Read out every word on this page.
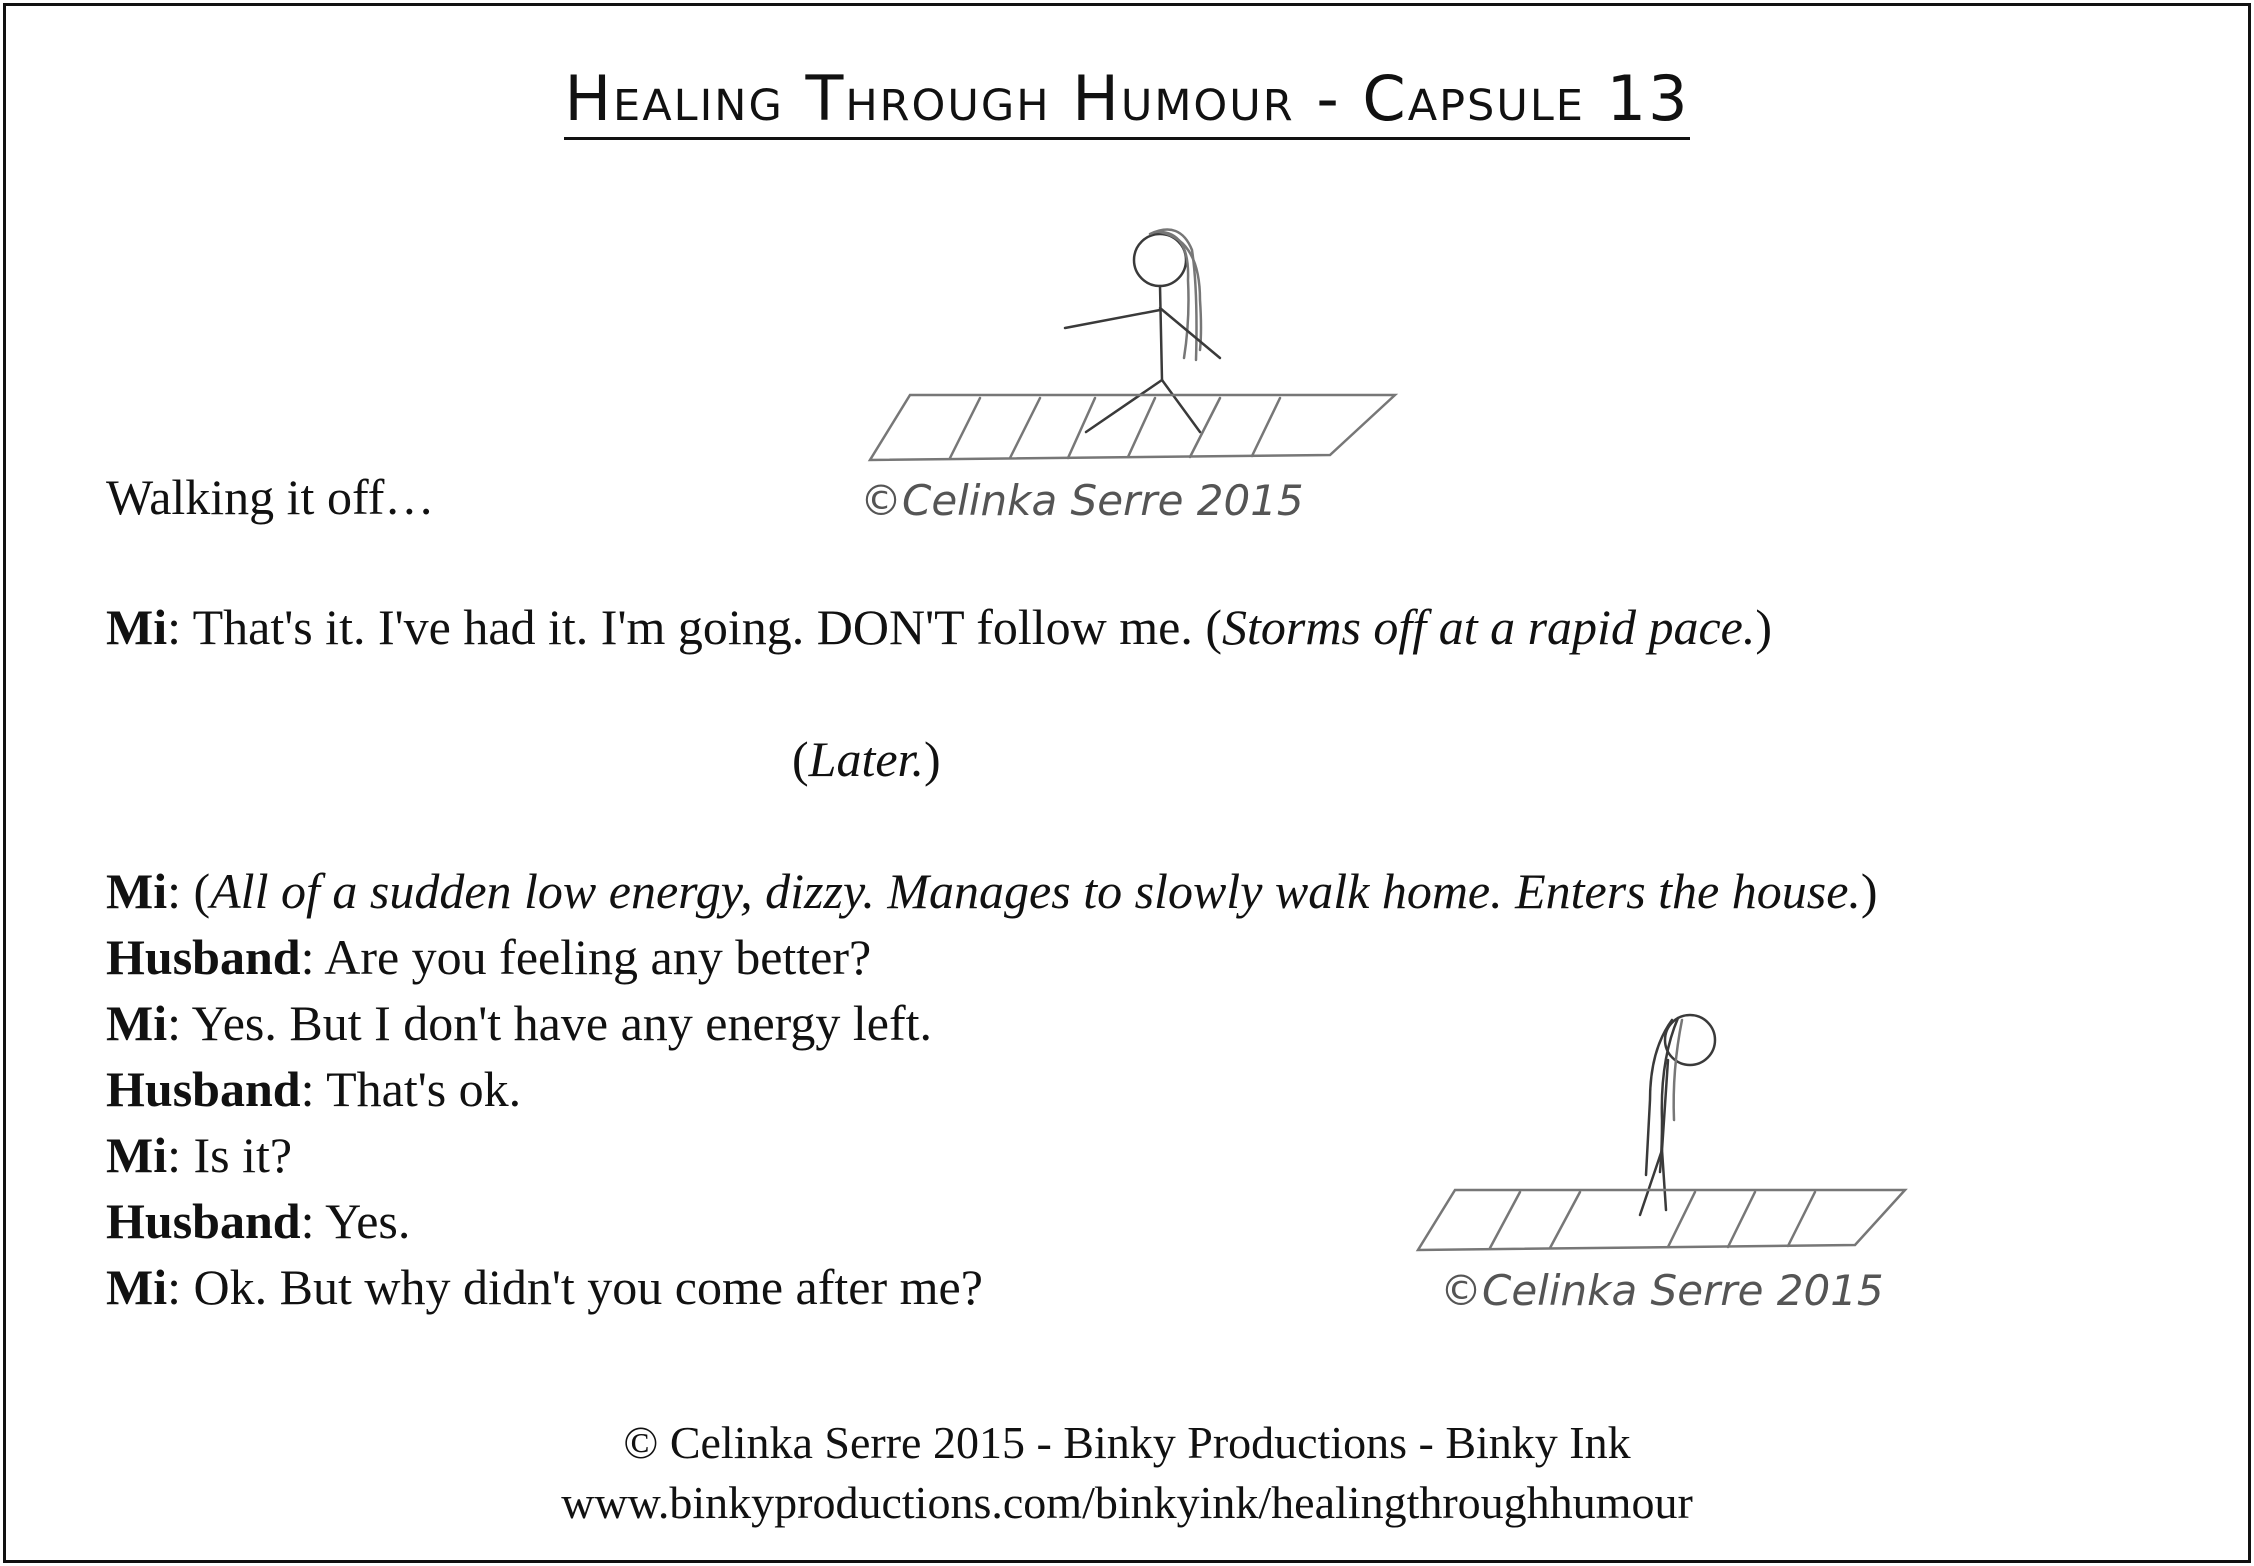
Healing Through Humour - Capsule 13
©Celinka Serre 2015
©Celinka Serre 2015
Walking it off…
Mi: That's it. I've had it. I'm going. DON'T follow me. (Storms off at a rapid pace.)
(Later.)
Mi: (All of a sudden low energy, dizzy. Manages to slowly walk home. Enters the house.)
Husband: Are you feeling any better?
Mi: Yes. But I don't have any energy left.
Husband: That's ok.
Mi: Is it?
Husband: Yes.
Mi: Ok. But why didn't you come after me?
© Celinka Serre 2015 - Binky Productions - Binky Ink
www.binkyproductions.com/binkyink/healingthroughhumour
